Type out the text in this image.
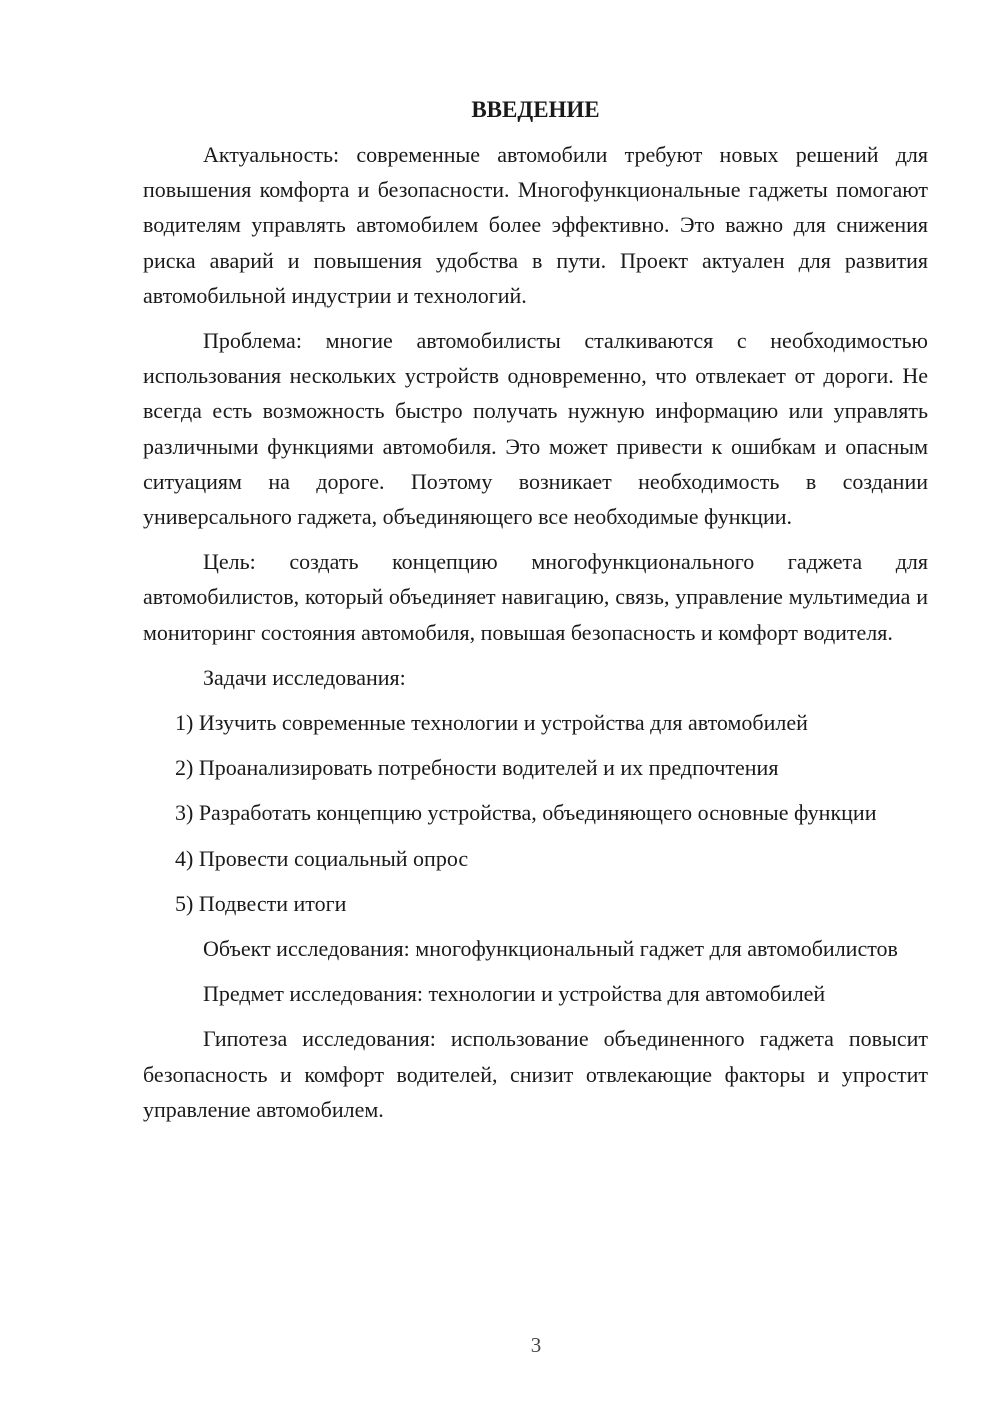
ВВЕДЕНИЕ

Актуальность: современные автомобили требуют новых решений для повышения комфорта и безопасности. Многофункциональные гаджеты помогают водителям управлять автомобилем более эффективно. Это важно для снижения риска аварий и повышения удобства в пути. Проект актуален для развития автомобильной индустрии и технологий.

Проблема: многие автомобилисты сталкиваются с необходимостью использования нескольких устройств одновременно, что отвлекает от дороги. Не всегда есть возможность быстро получать нужную информацию или управлять различными функциями автомобиля. Это может привести к ошибкам и опасным ситуациям на дороге. Поэтому возникает необходимость в создании универсального гаджета, объединяющего все необходимые функции.

Цель: создать концепцию многофункционального гаджета для автомобилистов, который объединяет навигацию, связь, управление мультимедиа и мониторинг состояния автомобиля, повышая безопасность и комфорт водителя.

Задачи исследования:

1) Изучить современные технологии и устройства для автомобилей

2) Проанализировать потребности водителей и их предпочтения

3) Разработать концепцию устройства, объединяющего основные функции

4) Провести социальный опрос

5) Подвести итоги

Объект исследования: многофункциональный гаджет для автомобилистов

Предмет исследования: технологии и устройства для автомобилей

Гипотеза исследования: использование объединенного гаджета повысит безопасность и комфорт водителей, снизит отвлекающие факторы и упростит управление автомобилем.

3
